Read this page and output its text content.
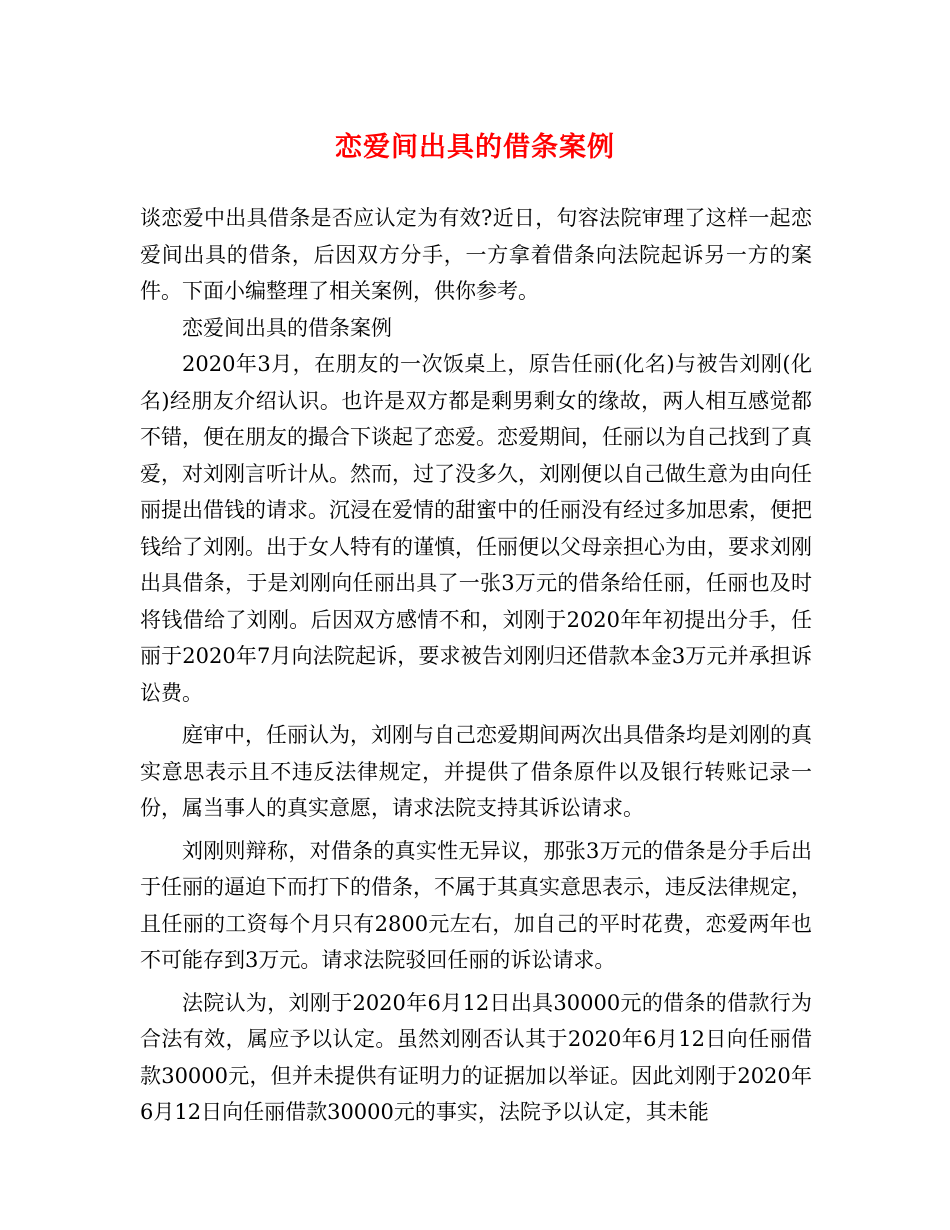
恋爱间出具的借条案例

谈恋爱中出具借条是否应认定为有效?近日，句容法院审理了这样一起恋爱间出具的借条，后因双方分手，一方拿着借条向法院起诉另一方的案件。下面小编整理了相关案例，供你参考。

恋爱间出具的借条案例

2020年3月，在朋友的一次饭桌上，原告任丽(化名)与被告刘刚(化名)经朋友介绍认识。也许是双方都是剩男剩女的缘故，两人相互感觉都不错，便在朋友的撮合下谈起了恋爱。恋爱期间，任丽以为自己找到了真爱，对刘刚言听计从。然而，过了没多久，刘刚便以自己做生意为由向任丽提出借钱的请求。沉浸在爱情的甜蜜中的任丽没有经过多加思索，便把钱给了刘刚。出于女人特有的谨慎，任丽便以父母亲担心为由，要求刘刚出具借条，于是刘刚向任丽出具了一张3万元的借条给任丽，任丽也及时将钱借给了刘刚。后因双方感情不和，刘刚于2020年年初提出分手，任丽于2020年7月向法院起诉，要求被告刘刚归还借款本金3万元并承担诉讼费。

庭审中，任丽认为，刘刚与自己恋爱期间两次出具借条均是刘刚的真实意思表示且不违反法律规定，并提供了借条原件以及银行转账记录一份，属当事人的真实意愿，请求法院支持其诉讼请求。

刘刚则辩称，对借条的真实性无异议，那张3万元的借条是分手后出于任丽的逼迫下而打下的借条，不属于其真实意思表示，违反法律规定，且任丽的工资每个月只有2800元左右，加自己的平时花费，恋爱两年也不可能存到3万元。请求法院驳回任丽的诉讼请求。

法院认为，刘刚于2020年6月12日出具30000元的借条的借款行为合法有效，属应予以认定。虽然刘刚否认其于2020年6月12日向任丽借款30000元，但并未提供有证明力的证据加以举证。因此刘刚于2020年6月12日向任丽借款30000元的事实，法院予以认定，其未能
